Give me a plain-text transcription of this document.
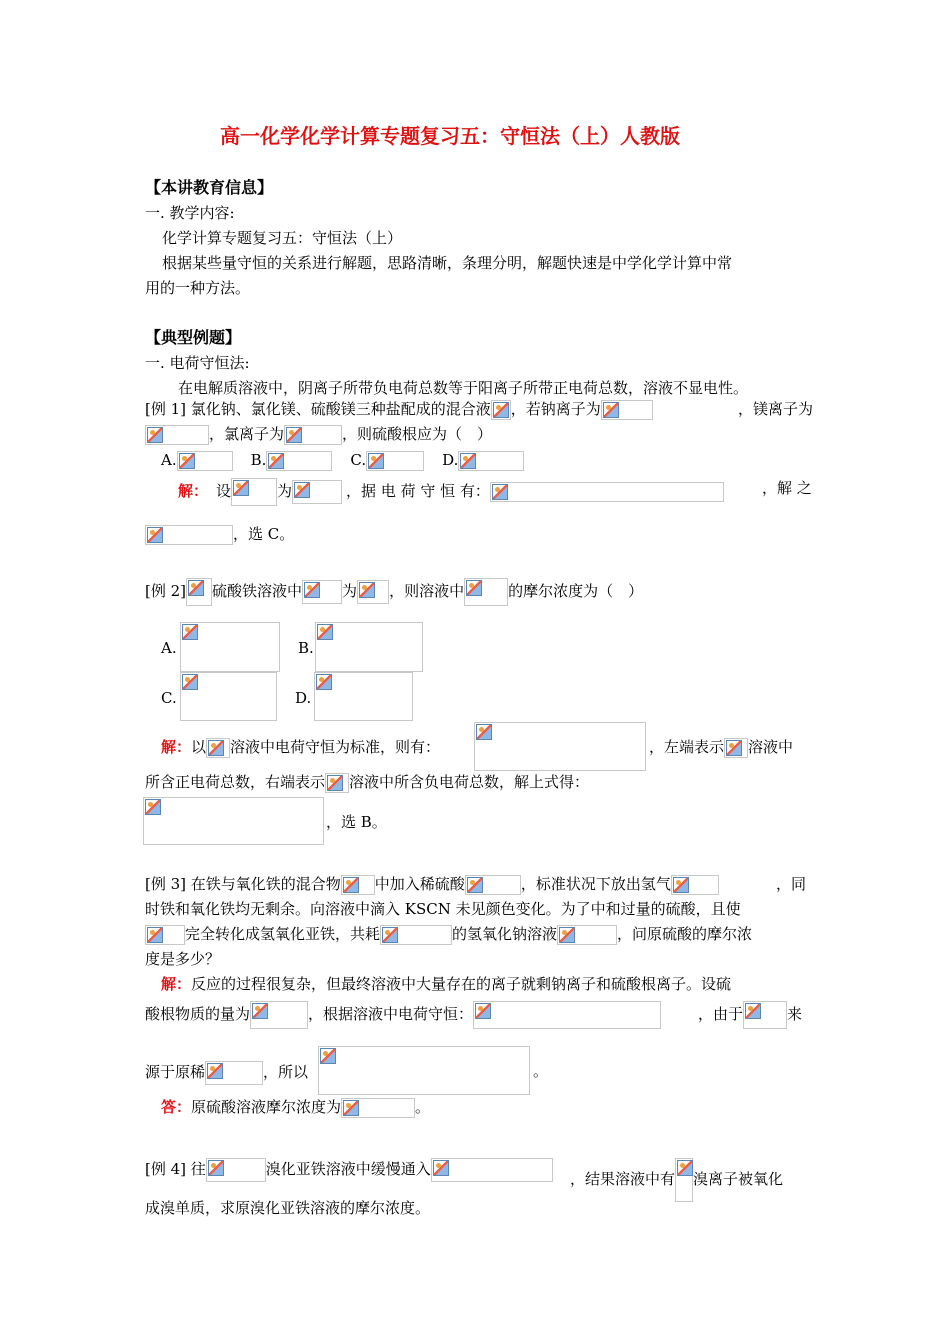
高一化学化学计算专题复习五：守恒法（上）人教版
【本讲教育信息】
一. 教学内容:
化学计算专题复习五：守恒法（上）
根据某些量守恒的关系进行解题，思路清晰，条理分明，解题快速是中学化学计算中常
用的一种方法。
【典型例题】
一. 电荷守恒法:
在电解质溶液中，阴离子所带负电荷总数等于阳离子所带正电荷总数，溶液不显电性。
[例 1] 氯化钠、氯化镁、硫酸镁三种盐配成的混合液 ，若钠离子为	，镁离子为
，氯离子为	，则硫酸根应为（　）
A.	B.	C.	D.
解： 设	为	，据 电 荷 守 恒 有：	，解 之
，选 C。
[例 2] 硫酸铁溶液中	为 ，则溶液中	的摩尔浓度为（　）
A.	B.
C.	D.
解：以 溶液中电荷守恒为标准，则有：	，左端表示 溶液中
所含正电荷总数，右端表示 溶液中所含负电荷总数，解上式得：
，选 B。
[例 3] 在铁与氧化铁的混合物 中加入稀硫酸	，标准状况下放出氢气	，同
时铁和氧化铁均无剩余。向溶液中滴入 KSCN 未见颜色变化。为了中和过量的硫酸，且使
完全转化成氢氧化亚铁，共耗	的氢氧化钠溶液	，问原硫酸的摩尔浓
度是多少？
解：反应的过程很复杂，但最终溶液中大量存在的离子就剩钠离子和硫酸根离子。设硫
酸根物质的量为	，根据溶液中电荷守恒：	，由于	来
源于原稀	，所以	。
答：原硫酸溶液摩尔浓度为	。
[例 4] 往	溴化亚铁溶液中缓慢通入
，结果溶液中有 溴离子被氧化
成溴单质，求原溴化亚铁溶液的摩尔浓度。
